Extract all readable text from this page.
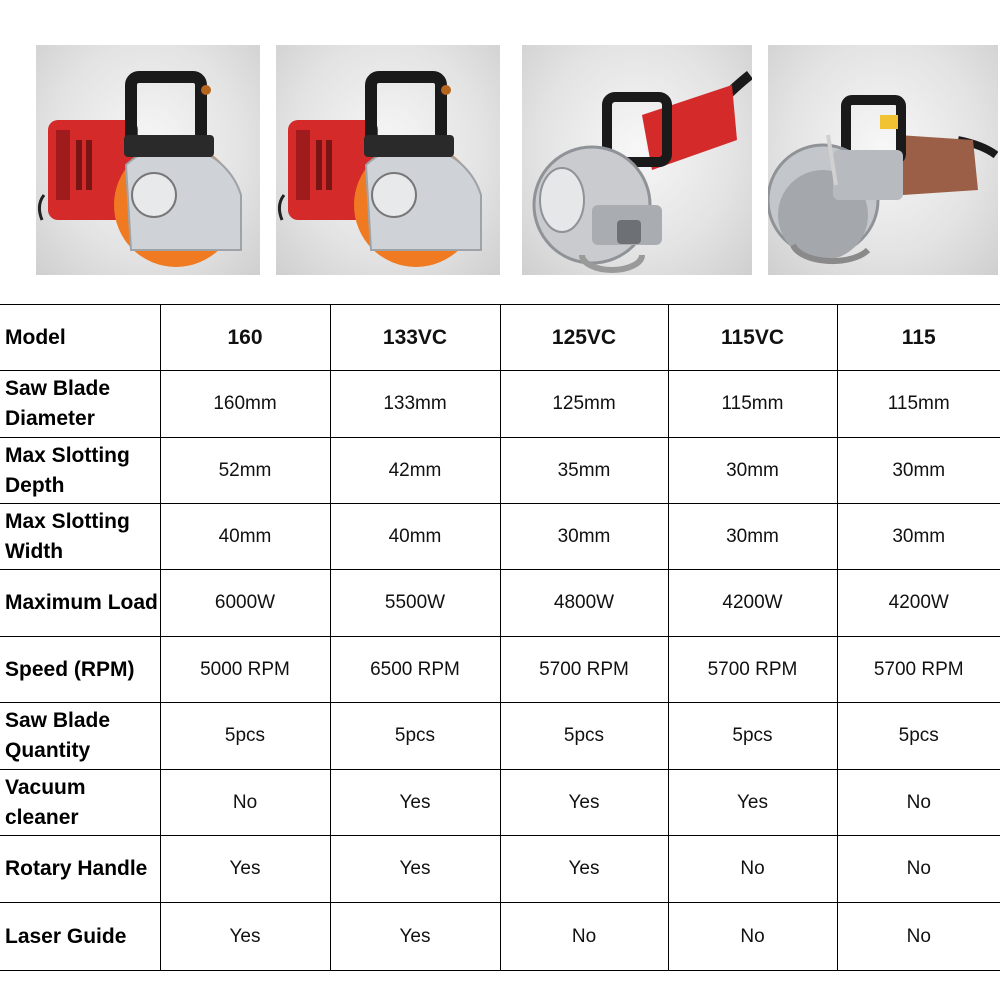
Model	160	133VC	125VC	115VC	115
Saw Blade Diameter	160mm	133mm	125mm	115mm	115mm
Max Slotting Depth	52mm	42mm	35mm	30mm	30mm
Max Slotting Width	40mm	40mm	30mm	30mm	30mm
Maximum Load	6000W	5500W	4800W	4200W	4200W
Speed (RPM)	5000 RPM	6500 RPM	5700 RPM	5700 RPM	5700 RPM
Saw Blade Quantity	5pcs	5pcs	5pcs	5pcs	5pcs
Vacuum cleaner	No	Yes	Yes	Yes	No
Rotary Handle	Yes	Yes	Yes	No	No
Laser Guide	Yes	Yes	No	No	No
